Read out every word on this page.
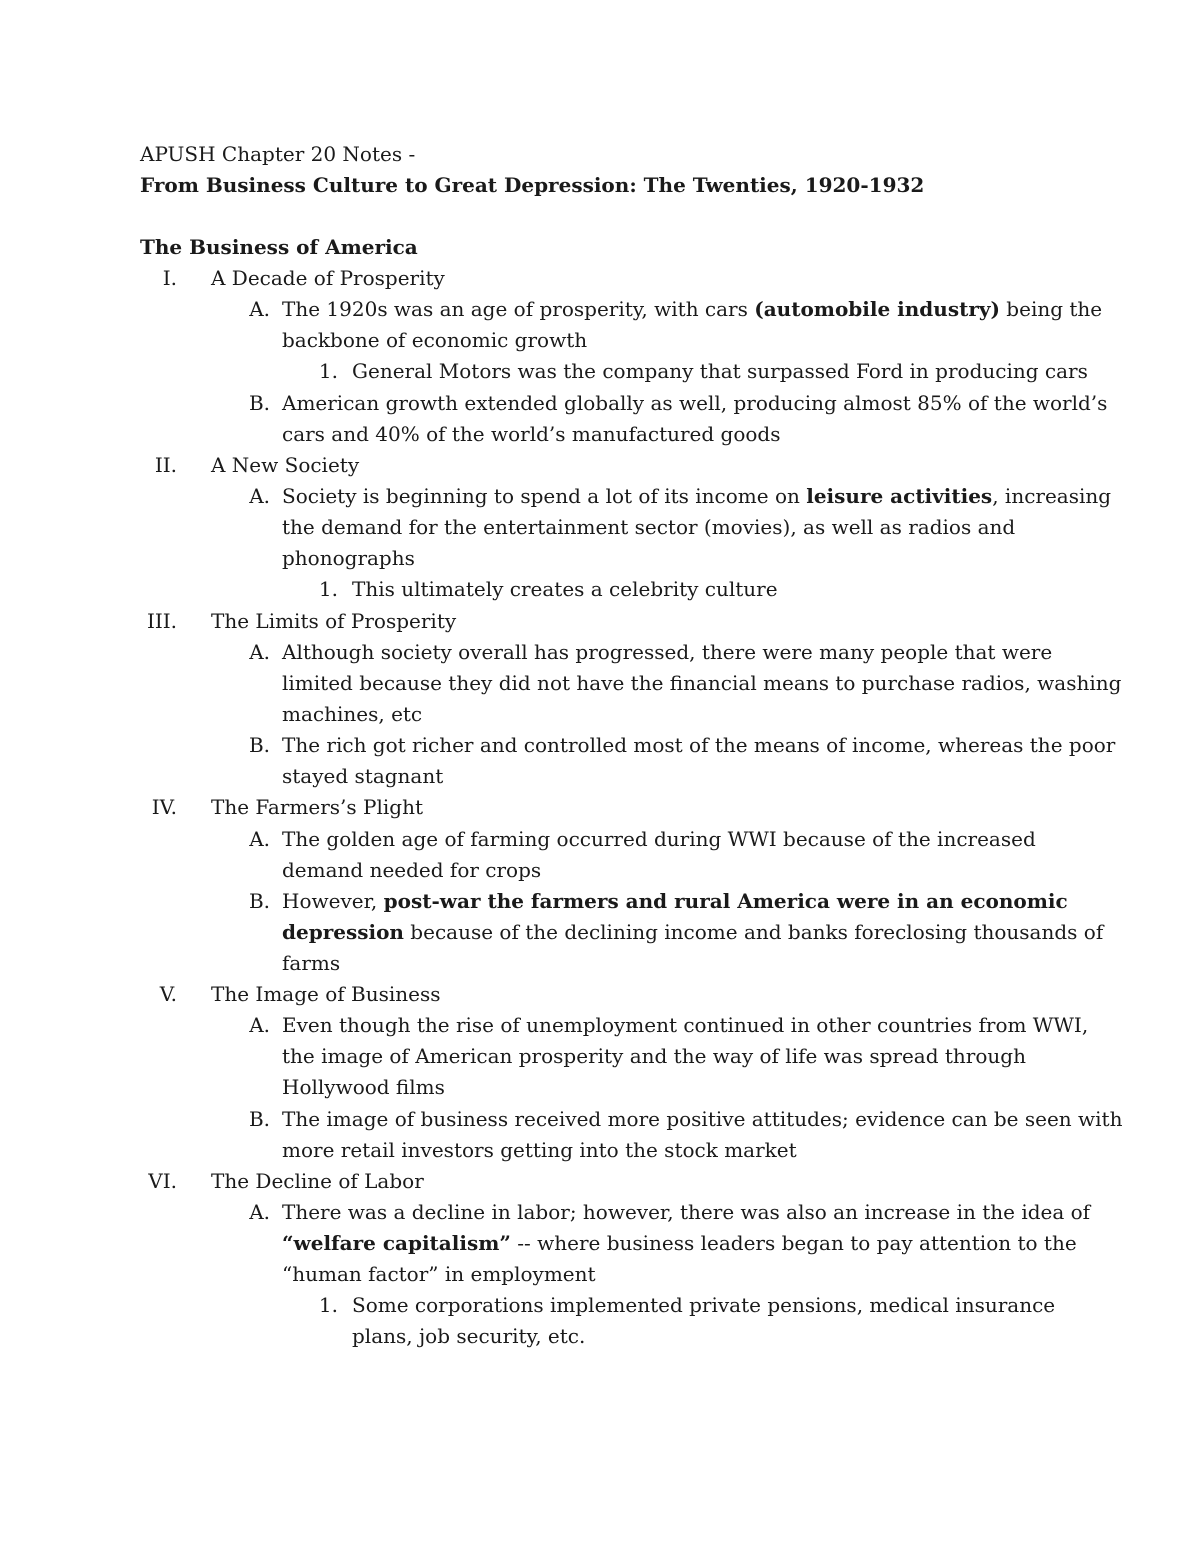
APUSH Chapter 20 Notes -
From Business Culture to Great Depression: The Twenties, 1920-1932
The Business of America
I. A Decade of Prosperity
A. The 1920s was an age of prosperity, with cars (automobile industry) being the
backbone of economic growth
1. General Motors was the company that surpassed Ford in producing cars
B. American growth extended globally as well, producing almost 85% of the world’s
cars and 40% of the world’s manufactured goods
II. A New Society
A. Society is beginning to spend a lot of its income on leisure activities, increasing
the demand for the entertainment sector (movies), as well as radios and
phonographs
1. This ultimately creates a celebrity culture
III. The Limits of Prosperity
A. Although society overall has progressed, there were many people that were
limited because they did not have the financial means to purchase radios, washing
machines, etc
B. The rich got richer and controlled most of the means of income, whereas the poor
stayed stagnant
IV. The Farmers’s Plight
A. The golden age of farming occurred during WWI because of the increased
demand needed for crops
B. However, post-war the farmers and rural America were in an economic
depression because of the declining income and banks foreclosing thousands of
farms
V. The Image of Business
A. Even though the rise of unemployment continued in other countries from WWI,
the image of American prosperity and the way of life was spread through
Hollywood films
B. The image of business received more positive attitudes; evidence can be seen with
more retail investors getting into the stock market
VI. The Decline of Labor
A. There was a decline in labor; however, there was also an increase in the idea of
“welfare capitalism” -- where business leaders began to pay attention to the
“human factor” in employment
1. Some corporations implemented private pensions, medical insurance
plans, job security, etc.
